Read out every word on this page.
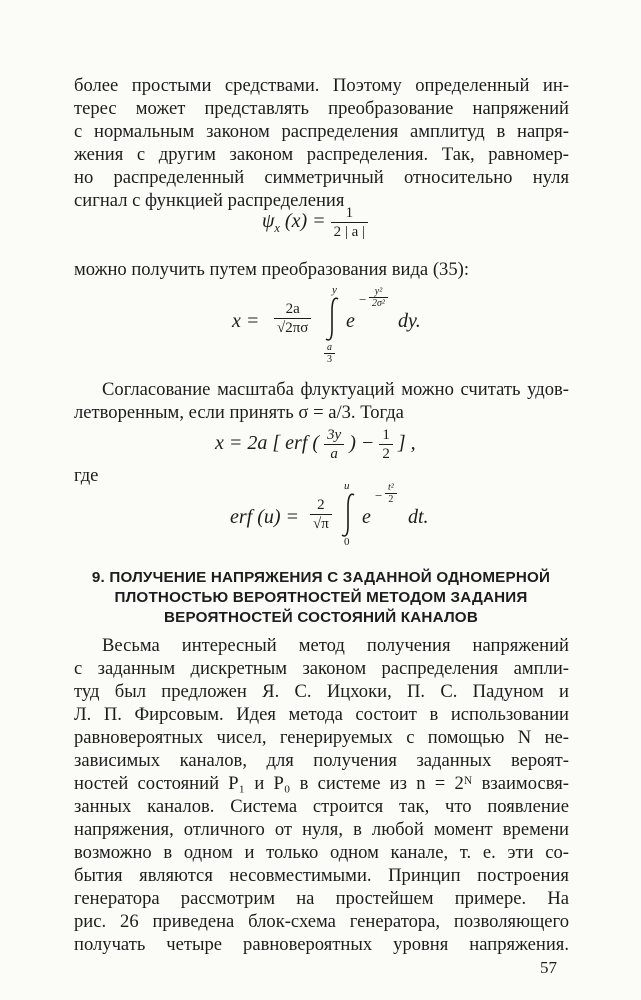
более простыми средствами. Поэтому определенный ин-
терес может представлять преобразование напряжений
с нормальным законом распределения амплитуд в напря-
жения с другим законом распределения. Так, равномер-
но распределенный симметричный относительно нуля
сигнал с функцией распределения
$\psi_x$ $(x) = \frac{1}{2 | a |}$
можно получить путем преобразования вида (35):
$x = \frac{2a}{√2\pi\sigma}$
y
$\frac{a}{3}$
e
− $\frac{\text{y²}}{\text{2σ²}}$
dy.
Согласование масштаба флуктуаций можно считать удов-
летворенным, если принять σ = a/3. Тогда
x = 2a [ erf ( $\frac{3y}{a}$ ) − $\frac{1}{2}$ ] ,
где
erf $(u) = \frac{2}{√\pi}$
u
0
e
− $\frac{\text{t²}}{2}$
dt.
9. ПОЛУЧЕНИЕ НАПРЯЖЕНИЯ С ЗАДАННОЙ ОДНОМЕРНОЙ
ПЛОТНОСТЬЮ ВЕРОЯТНОСТЕЙ МЕТОДОМ ЗАДАНИЯ
ВЕРОЯТНОСТЕЙ СОСТОЯНИЙ КАНАЛОВ
Весьма интересный метод получения напряжений
с заданным дискретным законом распределения ампли-
туд был предложен Я. С. Ицхоки, П. С. Падуном и
Л. П. Фирсовым. Идея метода состоит в использовании
равновероятных чисел, генерируемых с помощью N не-
зависимых каналов, для получения заданных вероят-
ностей состояний P₁ и P₀ в системе из n = 2ᴺ взаимосвя-
занных каналов. Система строится так, что появление
напряжения, отличного от нуля, в любой момент времени
возможно в одном и только одном канале, т. е. эти со-
бытия являются несовместимыми. Принцип построения
генератора рассмотрим на простейшем примере. На
рис. 26 приведена блок-схема генератора, позволяющего
получать четыре равновероятных уровня напряжения.
57
